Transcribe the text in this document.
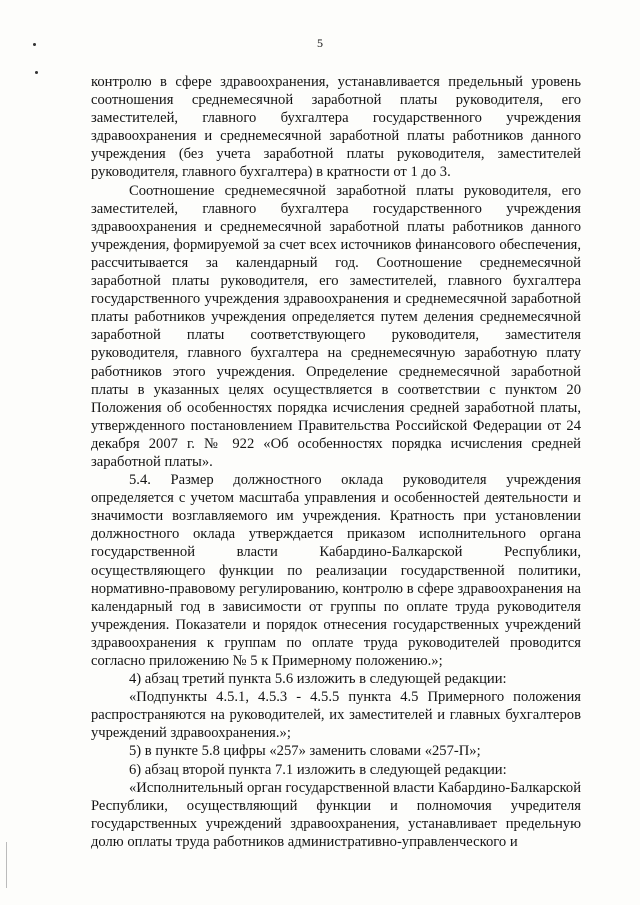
5

контролю в сфере здравоохранения, устанавливается предельный уровень соотношения среднемесячной заработной платы руководителя, его заместителей, главного бухгалтера государственного учреждения здравоохранения и среднемесячной заработной платы работников данного учреждения (без учета заработной платы руководителя, заместителей руководителя, главного бухгалтера) в кратности от 1 до 3.

Соотношение среднемесячной заработной платы руководителя, его заместителей, главного бухгалтера государственного учреждения здравоохранения и среднемесячной заработной платы работников данного учреждения, формируемой за счет всех источников финансового обеспечения, рассчитывается за календарный год. Соотношение среднемесячной заработной платы руководителя, его заместителей, главного бухгалтера государственного учреждения здравоохранения и среднемесячной заработной платы работников учреждения определяется путем деления среднемесячной заработной платы соответствующего руководителя, заместителя руководителя, главного бухгалтера на среднемесячную заработную плату работников этого учреждения. Определение среднемесячной заработной платы в указанных целях осуществляется в соответствии с пунктом 20 Положения об особенностях порядка исчисления средней заработной платы, утвержденного постановлением Правительства Российской Федерации от 24 декабря 2007 г. № 922 «Об особенностях порядка исчисления средней заработной платы».

5.4. Размер должностного оклада руководителя учреждения определяется с учетом масштаба управления и особенностей деятельности и значимости возглавляемого им учреждения. Кратность при установлении должностного оклада утверждается приказом исполнительного органа государственной власти Кабардино-Балкарской Республики, осуществляющего функции по реализации государственной политики, нормативно-правовому регулированию, контролю в сфере здравоохранения на календарный год в зависимости от группы по оплате труда руководителя учреждения. Показатели и порядок отнесения государственных учреждений здравоохранения к группам по оплате труда руководителей проводится согласно приложению № 5 к Примерному положению.»;

4) абзац третий пункта 5.6 изложить в следующей редакции:

«Подпункты 4.5.1, 4.5.3 - 4.5.5 пункта 4.5 Примерного положения распространяются на руководителей, их заместителей и главных бухгалтеров учреждений здравоохранения.»;

5) в пункте 5.8 цифры «257» заменить словами «257-П»;

6) абзац второй пункта 7.1 изложить в следующей редакции:

«Исполнительный орган государственной власти Кабардино-Балкарской Республики, осуществляющий функции и полномочия учредителя государственных учреждений здравоохранения, устанавливает предельную долю оплаты труда работников административно-управленческого и
